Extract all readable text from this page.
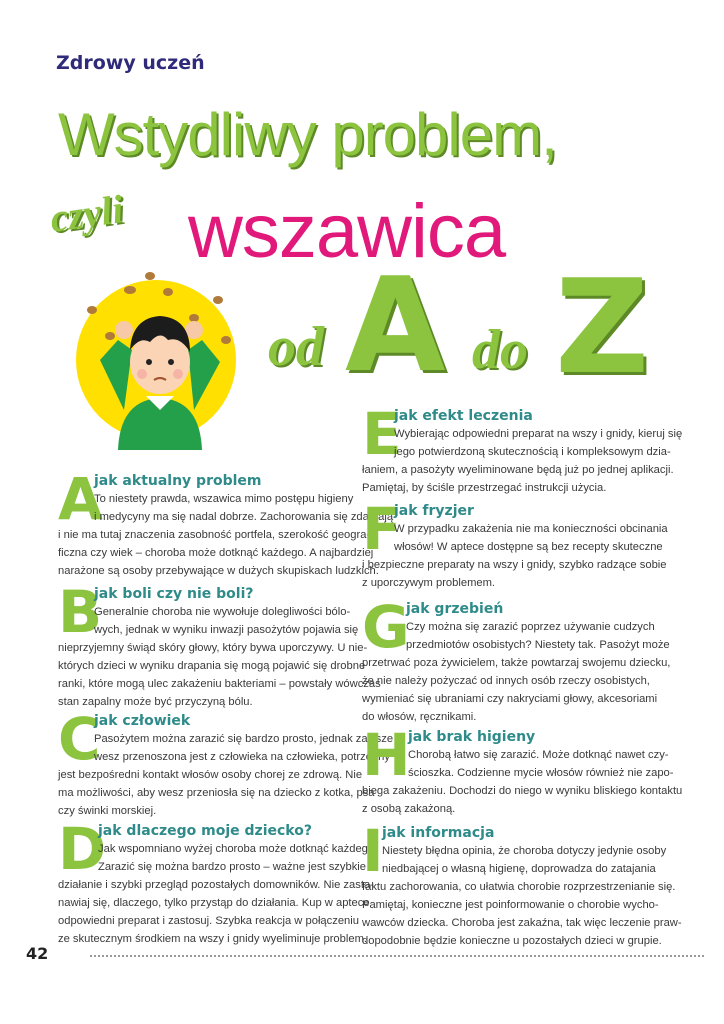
Zdrowy uczeń
Wstydliwy problem,
czyli wszawica
od A do Z
A
jak aktualny problem
To niestety prawda, wszawica mimo postępu higieny
i medycyny ma się nadal dobrze. Zachorowania się zdarzają
i nie ma tutaj znaczenia zasobność portfela, szerokość geogra-
ficzna czy wiek – choroba może dotknąć każdego. A najbardziej
narażone są osoby przebywające w dużych skupiskach ludzkich.
B
jak boli czy nie boli?
Generalnie choroba nie wywołuje dolegliwości bólo-
wych, jednak w wyniku inwazji pasożytów pojawia się
nieprzyjemny świąd skóry głowy, który bywa uporczywy. U nie-
których dzieci w wyniku drapania się mogą pojawić się drobne
ranki, które mogą ulec zakażeniu bakteriami – powstały wówczas
stan zapalny może być przyczyną bólu.
C
jak człowiek
Pasożytem można zarazić się bardzo prosto, jednak zawsze
wesz przenoszona jest z człowieka na człowieka, potrzebny
jest bezpośredni kontakt włosów osoby chorej ze zdrową. Nie
ma możliwości, aby wesz przeniosła się na dziecko z kotka, psa
czy świnki morskiej.
D
jak dlaczego moje dziecko?
Jak wspomniano wyżej choroba może dotknąć każdego.
Zarazić się można bardzo prosto – ważne jest szybkie
działanie i szybki przegląd pozostałych domowników. Nie zasta-
nawiaj się, dlaczego, tylko przystąp do działania. Kup w aptece
odpowiedni preparat i zastosuj. Szybka reakcja w połączeniu
ze skutecznym środkiem na wszy i gnidy wyeliminuje problem.
E
jak efekt leczenia
Wybierając odpowiedni preparat na wszy i gnidy, kieruj się
jego potwierdzoną skutecznością i kompleksowym dzia-
łaniem, a pasożyty wyeliminowane będą już po jednej aplikacji.
Pamiętaj, by ściśle przestrzegać instrukcji użycia.
F
jak fryzjer
W przypadku zakażenia nie ma konieczności obcinania
włosów! W aptece dostępne są bez recepty skuteczne
i bezpieczne preparaty na wszy i gnidy, szybko radzące sobie
z uporczywym problemem.
G
jak grzebień
Czy można się zarazić poprzez używanie cudzych
przedmiotów osobistych? Niestety tak. Pasożyt może
przetrwać poza żywicielem, także powtarzaj swojemu dziecku,
że nie należy pożyczać od innych osób rzeczy osobistych,
wymieniać się ubraniami czy nakryciami głowy, akcesoriami
do włosów, ręcznikami.
H
jak brak higieny
Chorobą łatwo się zarazić. Może dotknąć nawet czy-
ścioszka. Codzienne mycie włosów również nie zapo-
biega zakażeniu. Dochodzi do niego w wyniku bliskiego kontaktu
z osobą zakażoną.
I
jak informacja
Niestety błędna opinia, że choroba dotyczy jedynie osoby
niedbającej o własną higienę, doprowadza do zatajania
faktu zachorowania, co ułatwia chorobie rozprzestrzenianie się.
Pamiętaj, konieczne jest poinformowanie o chorobie wycho-
wawców dziecka. Choroba jest zakaźna, tak więc leczenie praw-
dopodobnie będzie konieczne u pozostałych dzieci w grupie.
42
